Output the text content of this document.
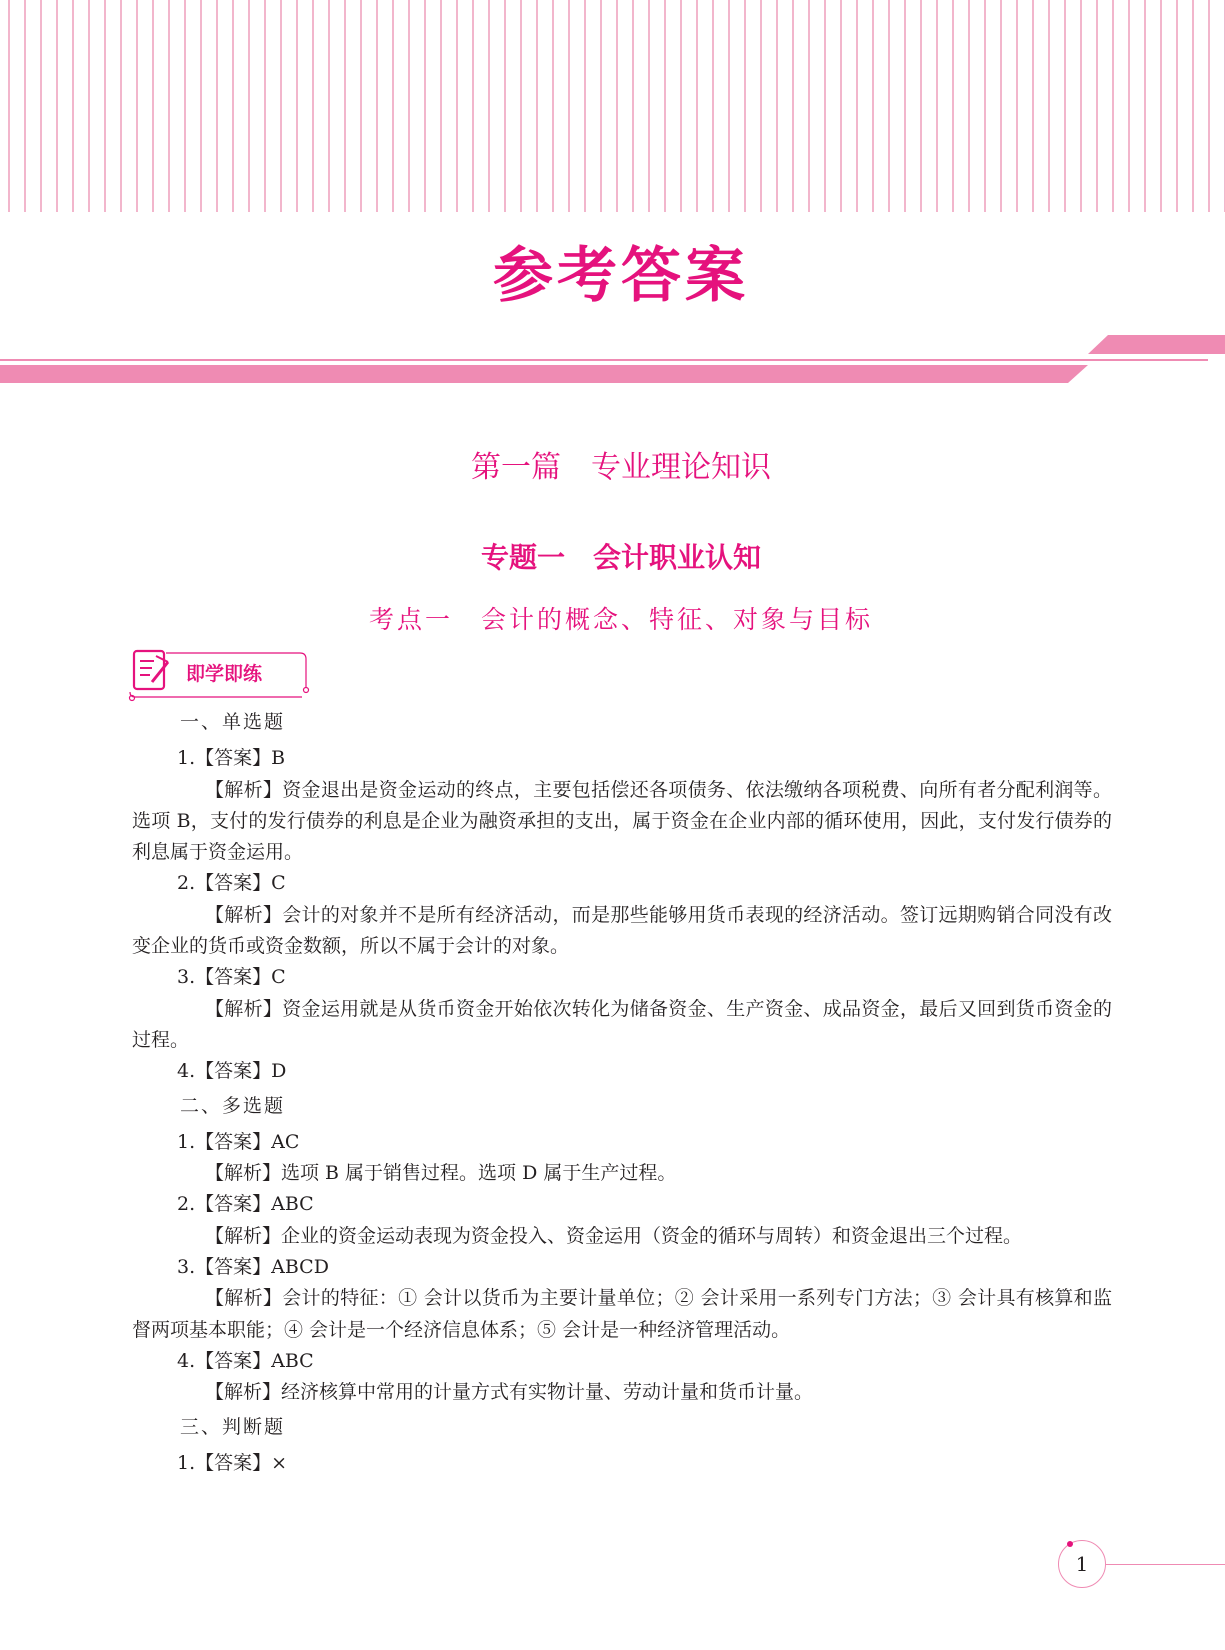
参考答案
第一篇　专业理论知识
专题一　会计职业认知
考点一　会计的概念、特征、对象与目标
即学即练
一、单选题
1.【答案】B
【解析】资金退出是资金运动的终点，主要包括偿还各项债务、依法缴纳各项税费、向所有者分配利润等。选项 B，支付的发行债券的利息是企业为融资承担的支出，属于资金在企业内部的循环使用，因此，支付发行债券的利息属于资金运用。
2.【答案】C
【解析】会计的对象并不是所有经济活动，而是那些能够用货币表现的经济活动。签订远期购销合同没有改变企业的货币或资金数额，所以不属于会计的对象。
3.【答案】C
【解析】资金运用就是从货币资金开始依次转化为储备资金、生产资金、成品资金，最后又回到货币资金的过程。
4.【答案】D
二、多选题
1.【答案】AC
【解析】选项 B 属于销售过程。选项 D 属于生产过程。
2.【答案】ABC
【解析】企业的资金运动表现为资金投入、资金运用（资金的循环与周转）和资金退出三个过程。
3.【答案】ABCD
【解析】会计的特征：① 会计以货币为主要计量单位；② 会计采用一系列专门方法；③ 会计具有核算和监督两项基本职能；④ 会计是一个经济信息体系；⑤ 会计是一种经济管理活动。
4.【答案】ABC
【解析】经济核算中常用的计量方式有实物计量、劳动计量和货币计量。
三、判断题
1.【答案】×
1
